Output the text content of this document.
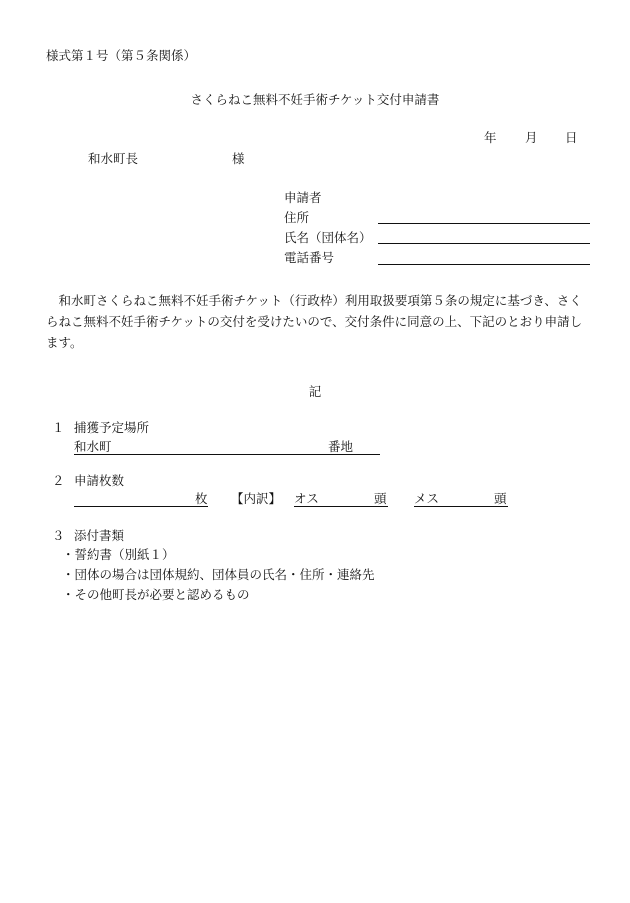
様式第１号（第５条関係）
さくらねこ無料不妊手術チケット交付申請書
年 月 日
和水町長	様
申請者
住所
氏名（団体名）
電話番号
和水町さくらねこ無料不妊手術チケット（行政枠）利用取扱要項第５条の規定に基づき、さくらねこ無料不妊手術チケットの交付を受けたいので、交付条件に同意の上、下記のとおり申請します。
記
１ 捕獲予定場所
和水町	番地
２ 申請枚数
枚 【内訳】 オス	頭 メス	頭
３ 添付書類
・誓約書（別紙１）
・団体の場合は団体規約、団体員の氏名・住所・連絡先
・その他町長が必要と認めるもの
